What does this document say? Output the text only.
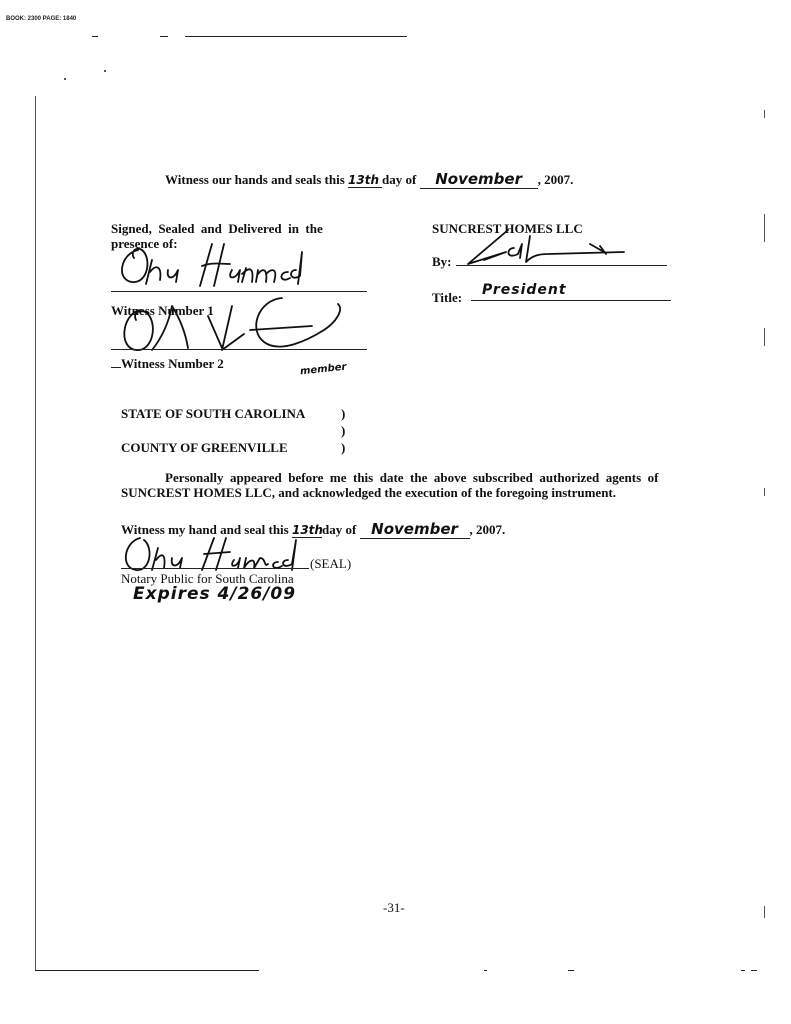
BOOK: 2300 PAGE: 1840
Witness our hands and seals this 13th day of November , 2007.
Signed,  Sealed  and  Delivered  in  the
presence of:
Witness Number 1
Witness Number 2	member
SUNCREST HOMES LLC
By:
Title: President
STATE OF SOUTH CAROLINA	)
)
COUNTY OF GREENVILLE	)
Personally  appeared  before  me  this  date  the  above  subscribed  authorized  agents  of
SUNCREST HOMES LLC, and acknowledged the execution of the foregoing instrument.
Witness my hand and seal this 13thday of November , 2007.
(SEAL)
Notary Public for South Carolina
Expires 4/26/09
-31-
